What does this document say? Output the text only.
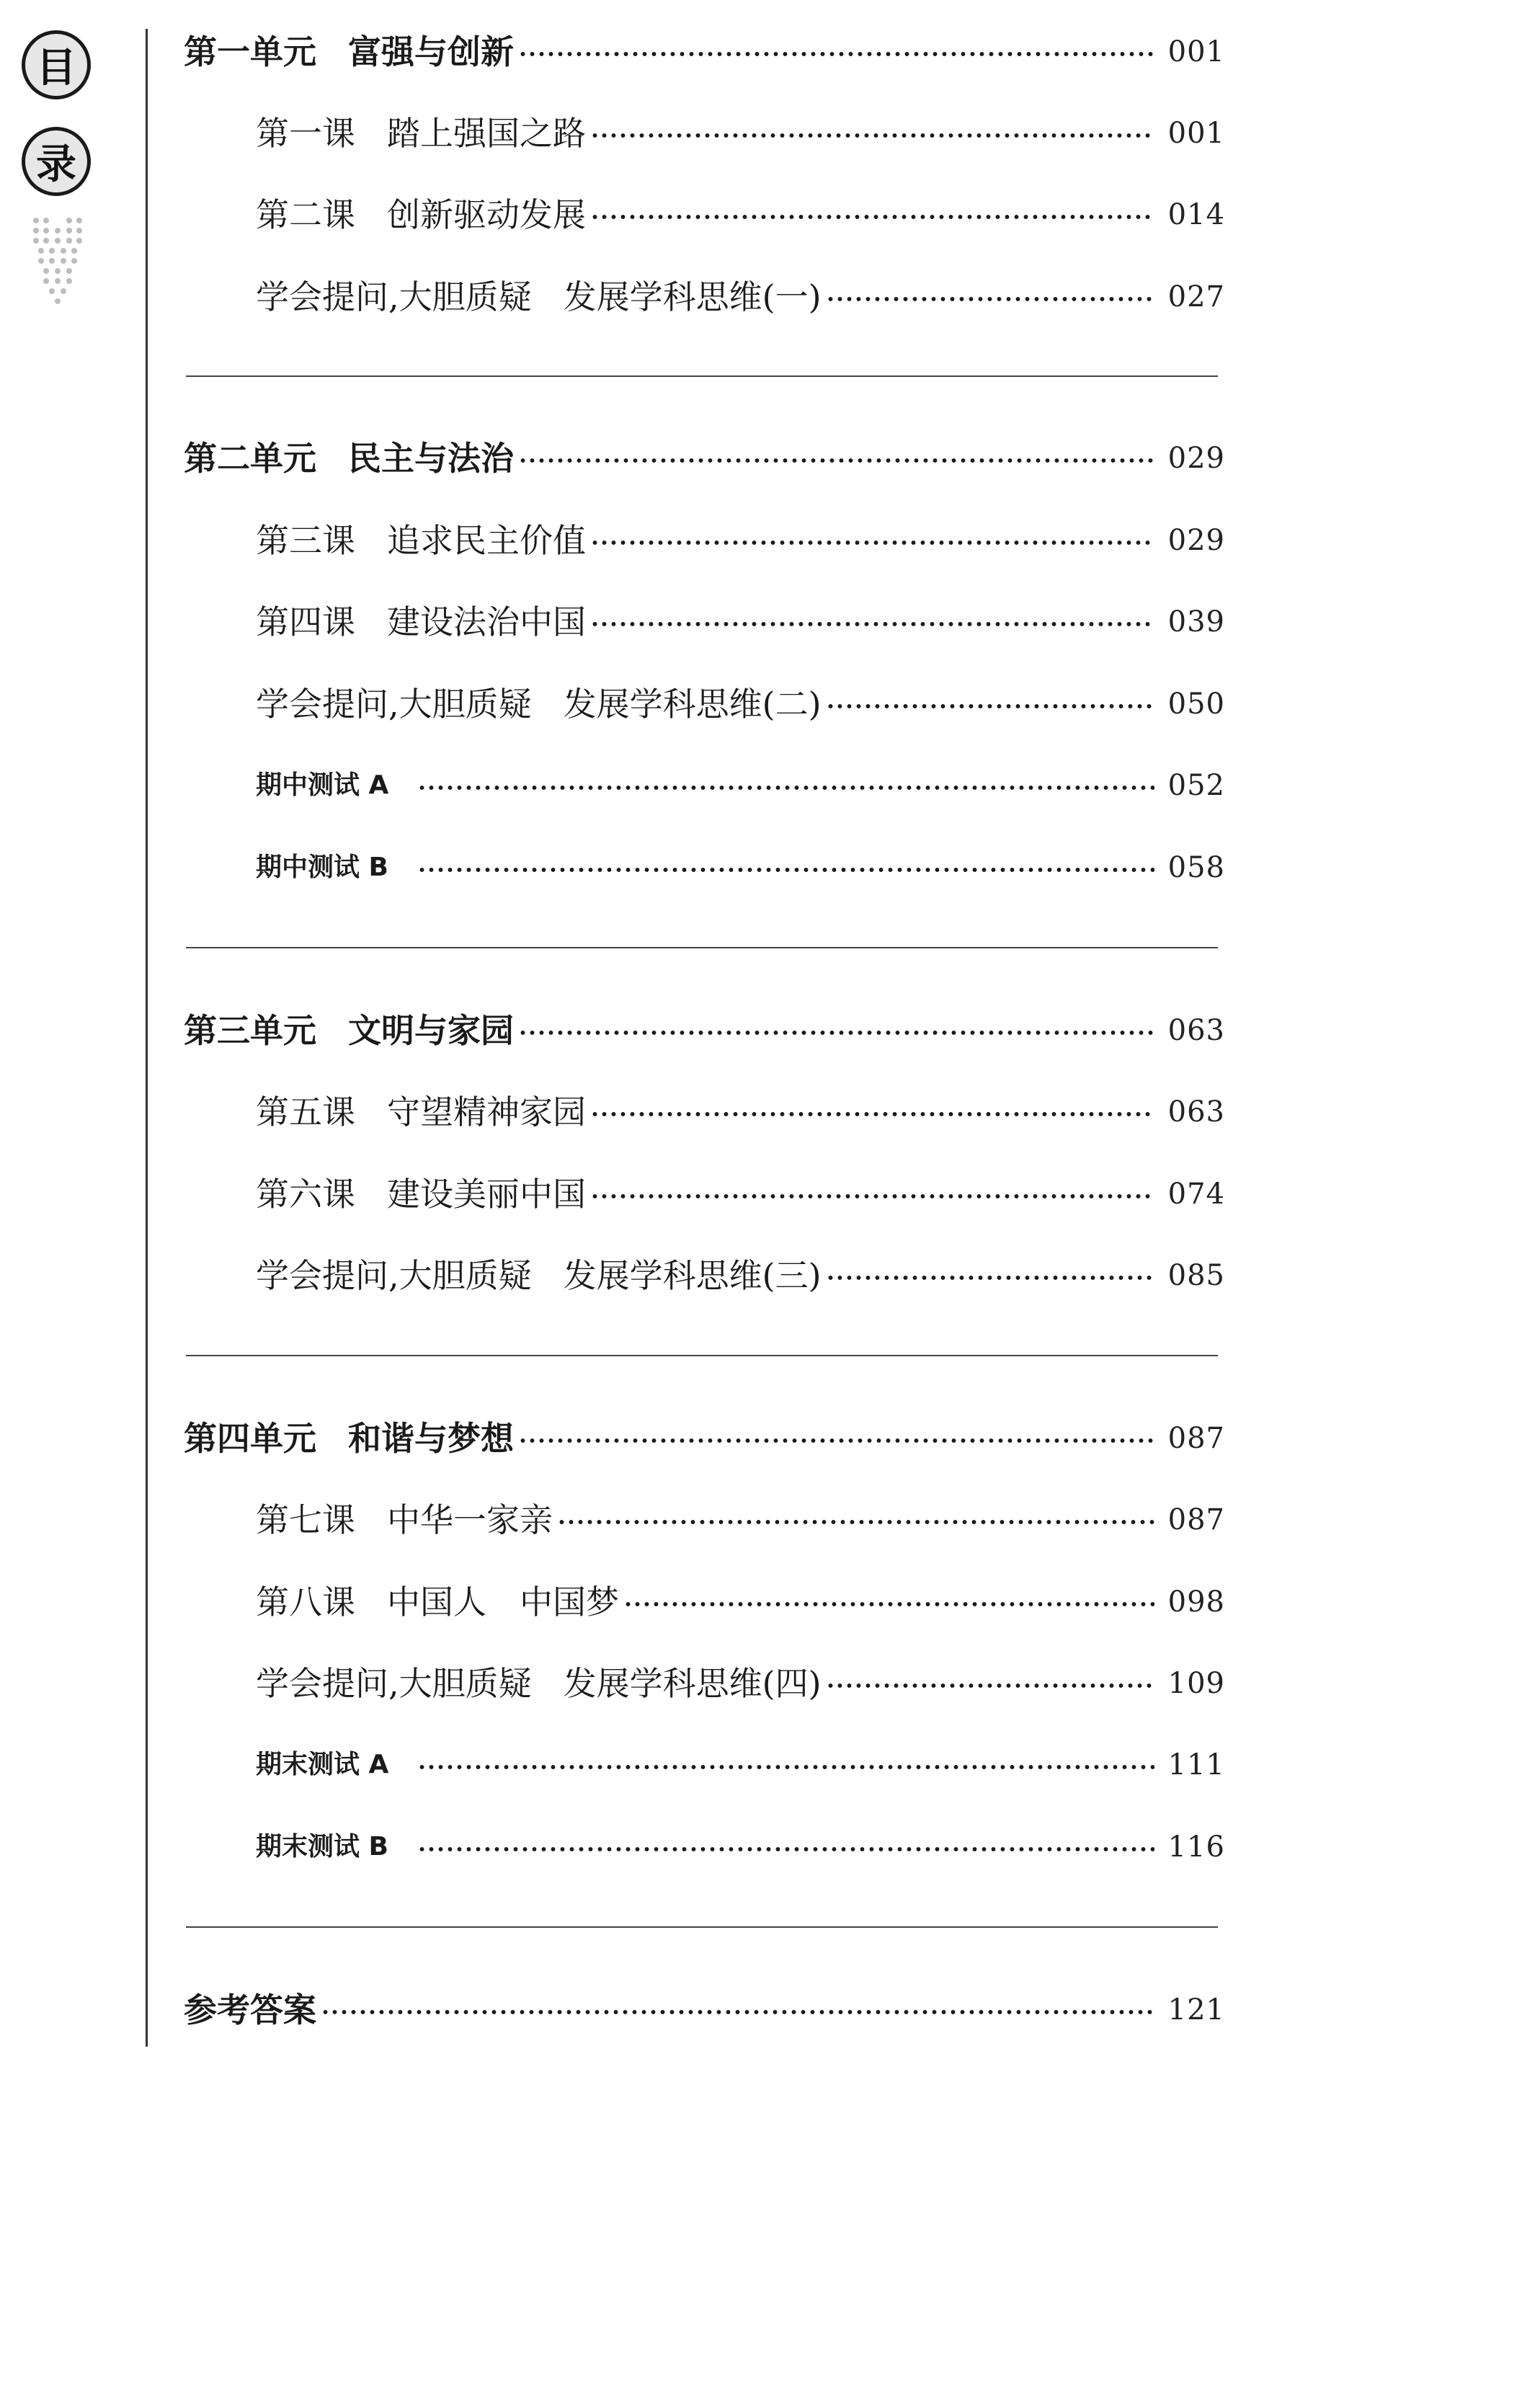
目
录
第一单元 富强与创新	001
第一课 踏上强国之路	001
第二课 创新驱动发展	014
学会提问,大胆质疑 发展学科思维(一)	027
第二单元 民主与法治	029
第三课 追求民主价值	029
第四课 建设法治中国	039
学会提问,大胆质疑 发展学科思维(二)	050
期中测试 A	052
期中测试 B	058
第三单元 文明与家园	063
第五课 守望精神家园	063
第六课 建设美丽中国	074
学会提问,大胆质疑 发展学科思维(三)	085
第四单元 和谐与梦想	087
第七课 中华一家亲	087
第八课 中国人　中国梦	098
学会提问,大胆质疑 发展学科思维(四)	109
期末测试 A	111
期末测试 B	116
参考答案	121
